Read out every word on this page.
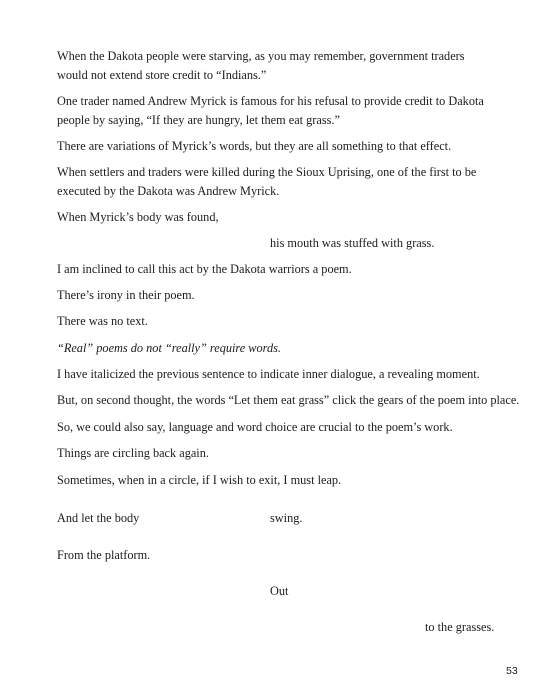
When the Dakota people were starving, as you may remember, government traders would not extend store credit to “Indians.”
One trader named Andrew Myrick is famous for his refusal to provide credit to Dakota people by saying, “If they are hungry, let them eat grass.”
There are variations of Myrick’s words, but they are all something to that effect.
When settlers and traders were killed during the Sioux Uprising, one of the first to be executed by the Dakota was Andrew Myrick.
When Myrick’s body was found,
his mouth was stuffed with grass.
I am inclined to call this act by the Dakota warriors a poem.
There’s irony in their poem.
There was no text.
“Real” poems do not “really” require words.
I have italicized the previous sentence to indicate inner dialogue, a revealing moment.
But, on second thought, the words “Let them eat grass” click the gears of the poem into place.
So, we could also say, language and word choice are crucial to the poem’s work.
Things are circling back again.
Sometimes, when in a circle, if I wish to exit, I must leap.
And let the body	swing.
From the platform.
Out
to the grasses.
53
